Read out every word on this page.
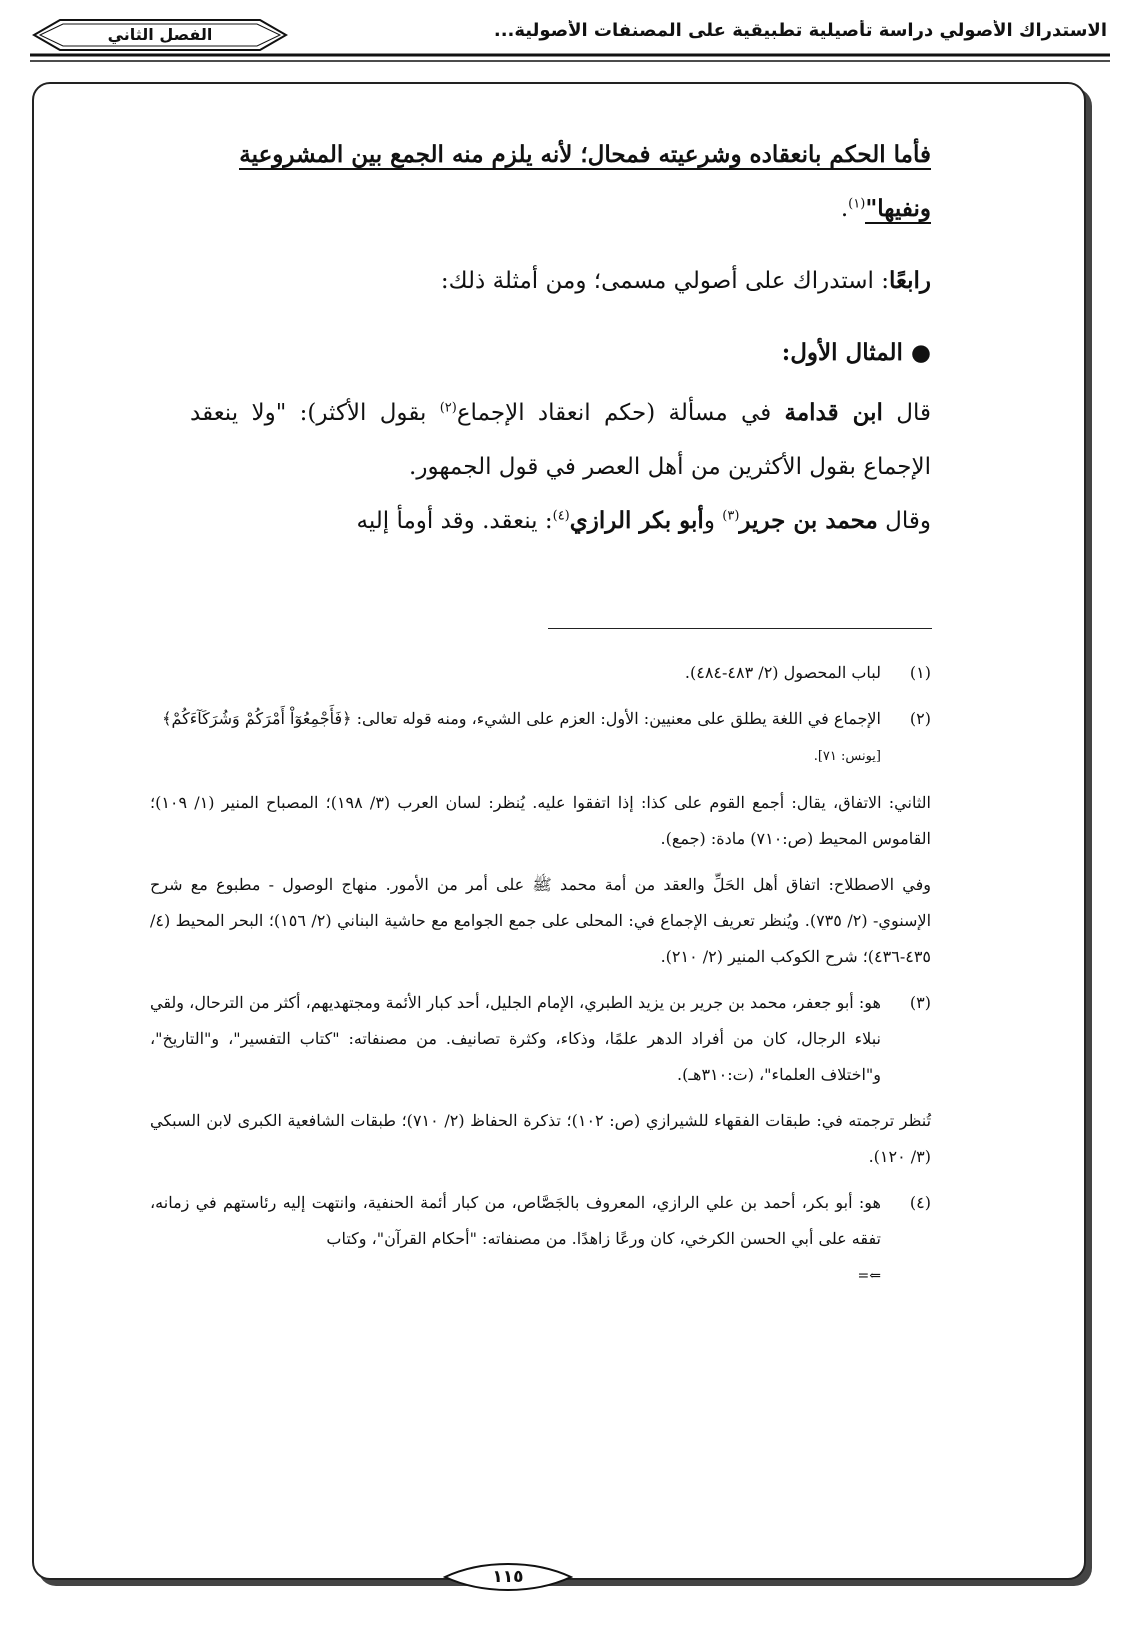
الاستدراك الأصولي دراسة تأصيلية تطبيقية على المصنفات الأصولية...
الفصل الثاني

فأما الحكم بانعقاده وشرعيته فمحال؛ لأنه يلزم منه الجمع بين المشروعية
ونفيها"$^{(١)}$.

رابعًا: استدراك على أصولي مسمى؛ ومن أمثلة ذلك:

● المثال الأول:

قال ابن قدامة في مسألة (حكم انعقاد الإجماع$^{(٢)}$ بقول الأكثر): "ولا ينعقد الإجماع بقول الأكثرين من أهل العصر في قول الجمهور.

وقال محمد بن جرير$^{(٣)}$ وأبو بكر الرازي$^{(٤)}$: ينعقد. وقد أومأ إليه

(١)

لباب المحصول (٢/ ٤٨٣-٤٨٤).

(٢)

الإجماع في اللغة يطلق على معنيين: الأول: العزم على الشيء، ومنه قوله تعالى: ﴿فَأَجْمِعُوٓاْ أَمْرَكُمْ وَشُرَكَآءَكُمْ﴾
[يونس: ٧١].

الثاني: الاتفاق، يقال: أجمع القوم على كذا: إذا اتفقوا عليه. يُنظر: لسان العرب (٣/ ١٩٨)؛ المصباح المنير (١/ ١٠٩)؛ القاموس المحيط (ص:٧١٠) مادة: (جمع).

وفي الاصطلاح: اتفاق أهل الحَلِّ والعقد من أمة محمد ﷺ على أمر من الأمور. منهاج الوصول - مطبوع مع شرح الإسنوي- (٢/ ٧٣٥). ويُنظر تعريف الإجماع في: المحلى على جمع الجوامع مع حاشية البناني (٢/ ١٥٦)؛ البحر المحيط (٤/ ٤٣٥-٤٣٦)؛ شرح الكوكب المنير (٢/ ٢١٠).

(٣)

هو: أبو جعفر، محمد بن جرير بن يزيد الطبري، الإمام الجليل، أحد كبار الأئمة ومجتهديهم، أكثر من الترحال، ولقي نبلاء الرجال، كان من أفراد الدهر علمًا، وذكاء، وكثرة تصانيف. من مصنفاته: "كتاب التفسير"، و"التاريخ"، و"اختلاف العلماء"، (ت:٣١٠هـ).

تُنظر ترجمته في: طبقات الفقهاء للشيرازي (ص: ١٠٢)؛ تذكرة الحفاظ (٢/ ٧١٠)؛ طبقات الشافعية الكبرى لابن السبكي (٣/ ١٢٠).

(٤)

هو: أبو بكر، أحمد بن علي الرازي، المعروف بالجَصَّاص، من كبار أئمة الحنفية، وانتهت إليه رئاستهم في زمانه، تفقه على أبي الحسن الكرخي، كان ورعًا زاهدًا. من مصنفاته: "أحكام القرآن"، وكتاب
⇐=

١١٥
